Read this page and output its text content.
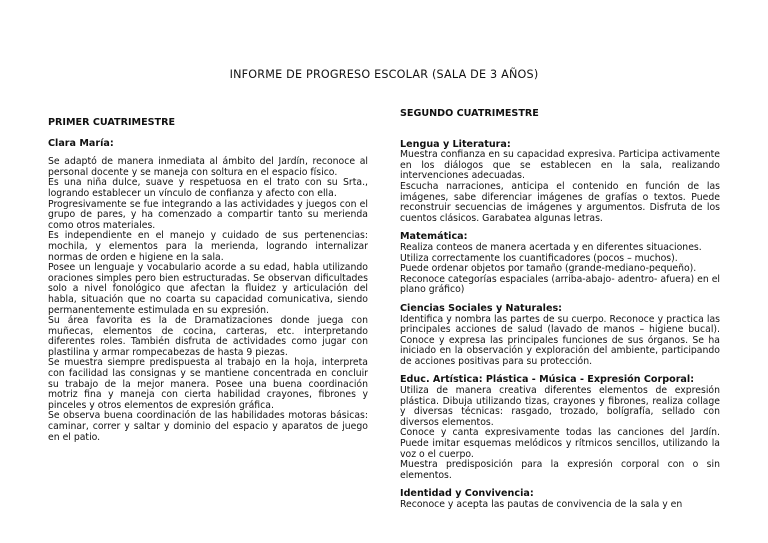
INFORME DE PROGRESO ESCOLAR (SALA DE 3 AÑOS)

PRIMER CUATRIMESTRE

Clara María:

Se adaptó de manera inmediata al ámbito del Jardín, reconoce al personal docente y se maneja con soltura en el espacio físico.

Es una niña dulce, suave y respetuosa en el trato con su Srta., logrando establecer un vínculo de confianza y afecto con ella.

Progresivamente se fue integrando a las actividades y juegos con el grupo de pares, y ha comenzado a compartir tanto su merienda como otros materiales.

Es independiente en el manejo y cuidado de sus pertenencias: mochila, y elementos para la merienda, logrando internalizar normas de orden e higiene en la sala.

Posee un lenguaje y vocabulario acorde a su edad, habla utilizando oraciones simples pero bien estructuradas. Se observan dificultades solo a nivel fonológico que afectan la fluidez y articulación del habla, situación que no coarta su capacidad comunicativa, siendo permanentemente estimulada en su expresión.

Su área favorita es la de Dramatizaciones donde juega con muñecas, elementos de cocina, carteras, etc. interpretando diferentes roles. También disfruta de actividades como jugar con plastilina y armar rompecabezas de hasta 9 piezas.

Se muestra siempre predispuesta al trabajo en la hoja, interpreta con facilidad las consignas y se mantiene concentrada en concluir su trabajo de la mejor manera. Posee una buena coordinación motriz fina y maneja con cierta habilidad crayones, fibrones y pinceles y otros elementos de expresión gráfica.

Se observa buena coordinación de las habilidades motoras básicas: caminar, correr y saltar y dominio del espacio y aparatos de juego en el patio.

SEGUNDO CUATRIMESTRE

Lengua y Literatura:

Muestra confianza en su capacidad expresiva. Participa activamente en los diálogos que se establecen en la sala, realizando intervenciones adecuadas.

Escucha narraciones, anticipa el contenido en función de las imágenes, sabe diferenciar imágenes de grafías o textos. Puede reconstruir secuencias de imágenes y argumentos. Disfruta de los cuentos clásicos. Garabatea algunas letras.

Matemática:

Realiza conteos de manera acertada y en diferentes situaciones.

Utiliza correctamente los cuantificadores (pocos – muchos).

Puede ordenar objetos por tamaño (grande-mediano-pequeño).

Reconoce categorías espaciales (arriba-abajo- adentro- afuera) en el plano gráfico)

Ciencias Sociales y Naturales:

Identifica y nombra las partes de su cuerpo. Reconoce y practica las principales acciones de salud (lavado de manos – higiene bucal). Conoce y expresa las principales funciones de sus órganos. Se ha iniciado en la observación y exploración del ambiente, participando de acciones positivas para su protección.

Educ. Artística: Plástica - Música - Expresión Corporal:

Utiliza de manera creativa diferentes elementos de expresión plástica. Dibuja utilizando tizas, crayones y fibrones, realiza collage y diversas técnicas: rasgado, trozado, bolígrafía, sellado con diversos elementos.

Conoce y canta expresivamente todas las canciones del Jardín. Puede imitar esquemas melódicos y rítmicos sencillos, utilizando la voz o el cuerpo.

Muestra predisposición para la expresión corporal con o sin elementos.

Identidad y Convivencia:

Reconoce y acepta las pautas de convivencia de la sala y en
